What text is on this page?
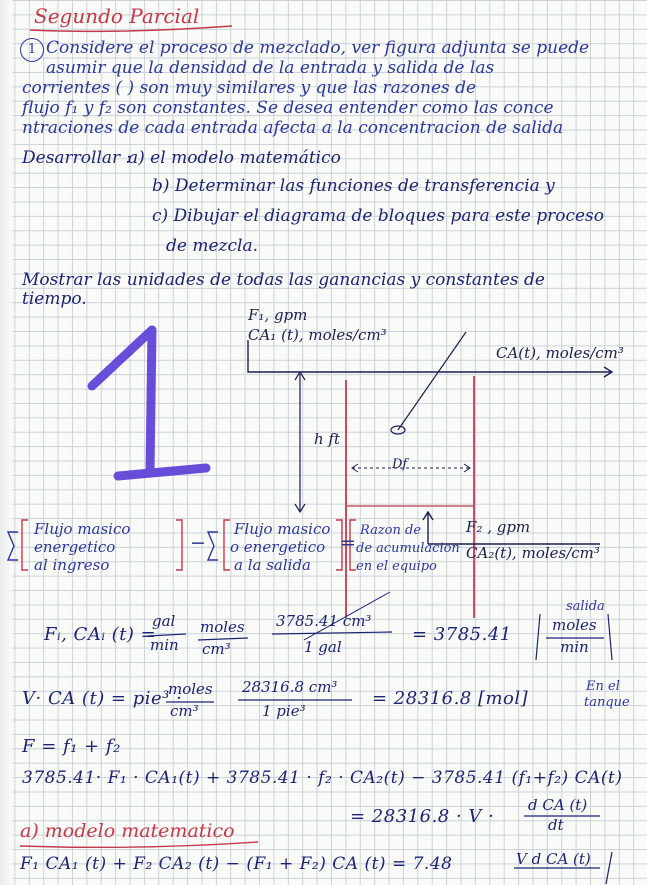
Segundo Parcial
1 Considere el proceso de mezclado, ver figura adjunta se puede
asumir que la densidad de la entrada y salida de las
corrientes ( ) son muy similares y que las razones de
flujo f₁ y f₂ son constantes. Se desea entender como las conce
ntraciones de cada entrada afecta a la concentracion de salida
Desarrollar :
a) el modelo matemático
b) Determinar las funciones de transferencia y
c) Dibujar el diagrama de bloques para este proceso
de mezcla.
Mostrar las unidades de todas las ganancias y constantes de
tiempo.
F₁, gpm
CA₁ (t), moles/cm³
CA(t), moles/cm³
h ft
Df
F₂ , gpm
CA₂(t), moles/cm³
Flujo masico
energetico
al ingreso
−
Flujo masico
o energetico
a la salida
=
Razon de
de acumulacion
en el equipo
Fᵢ, CAᵢ (t) =
gal
min
moles
cm³
3785.41 cm³
1 gal
= 3785.41	moles
min
salida
V· CA (t) = pie³ ·
moles
cm³
28316.8 cm³
1 pie³
= 28316.8 [mol]
En el
tanque
F = f₁ + f₂
3785.41· F₁ · CA₁(t) + 3785.41 · f₂ · CA₂(t) − 3785.41 (f₁+f₂) CA(t)
= 28316.8 · V ·
d CA (t)
dt
a) modelo matematico
F₁ CA₁ (t) + F₂ CA₂ (t) − (F₁ + F₂) CA (t) = 7.48	V d CA (t)
